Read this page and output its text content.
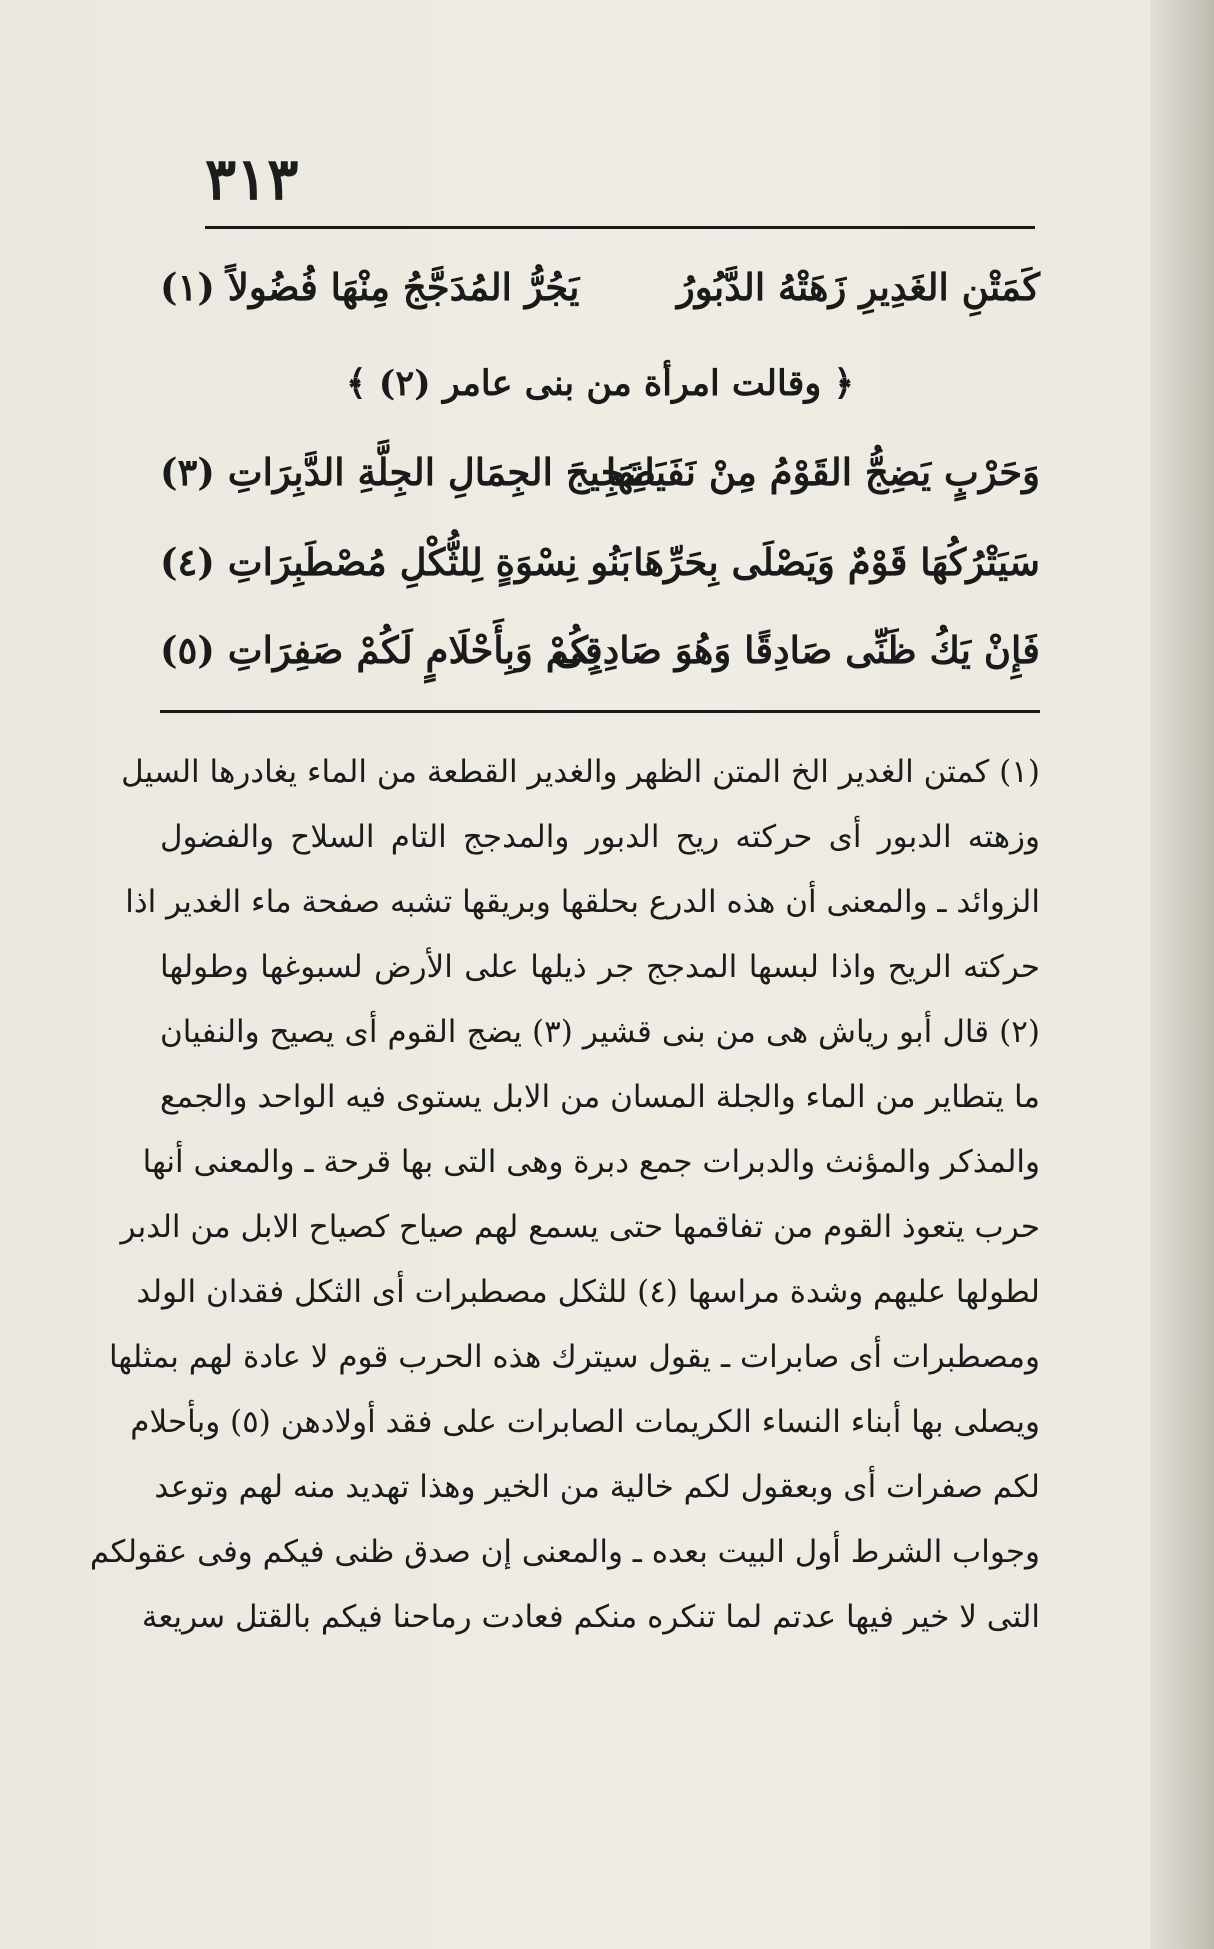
٣١٣
كَمَتْنِ الغَدِيرِ زَهَتْهُ الدَّبُورُ
يَجُرُّ المُدَجَّجُ مِنْهَا فُضُولاً (١)
﴿ وقالت امرأة من بنى عامر (٢) ﴾
وَحَرْبٍ يَضِجُّ القَوْمُ مِنْ نَفَيَانِهَا
ضَجِيجَ الجِمَالِ الجِلَّةِ الدَّبِرَاتِ (٣)
سَيَتْرُكُهَا قَوْمٌ وَيَصْلَى بِحَرِّهَا
بَنُو نِسْوَةٍ لِلثُّكْلِ مُصْطَبِرَاتِ (٤)
فَإِنْ يَكُ ظَنِّى صَادِقًا وَهُوَ صَادِقِى
بِكُمْ وَبِأَحْلَامٍ لَكُمْ صَفِرَاتِ (٥)
(١) كمتن الغدير الخ المتن الظهر والغدير القطعة من الماء يغادرها السيل
وزهته الدبور أى حركته ريح الدبور والمدجج التام السلاح والفضول
الزوائد ـ والمعنى أن هذه الدرع بحلقها وبريقها تشبه صفحة ماء الغدير اذا
حركته الريح واذا لبسها المدجج جر ذيلها على الأرض لسبوغها وطولها
(٢) قال أبو رياش هى من بنى قشير (٣) يضج القوم أى يصيح والنفيان
ما يتطاير من الماء والجلة المسان من الابل يستوى فيه الواحد والجمع
والمذكر والمؤنث والدبرات جمع دبرة وهى التى بها قرحة ـ والمعنى أنها
حرب يتعوذ القوم من تفاقمها حتى يسمع لهم صياح كصياح الابل من الدبر
لطولها عليهم وشدة مراسها (٤) للثكل مصطبرات أى الثكل فقدان الولد
ومصطبرات أى صابرات ـ يقول سيترك هذه الحرب قوم لا عادة لهم بمثلها
ويصلى بها أبناء النساء الكريمات الصابرات على فقد أولادهن (٥) وبأحلام
لكم صفرات أى وبعقول لكم خالية من الخير وهذا تهديد منه لهم وتوعد
وجواب الشرط أول البيت بعده ـ والمعنى إن صدق ظنى فيكم وفى عقولكم
التى لا خير فيها عدتم لما تنكره منكم فعادت رماحنا فيكم بالقتل سريعة
